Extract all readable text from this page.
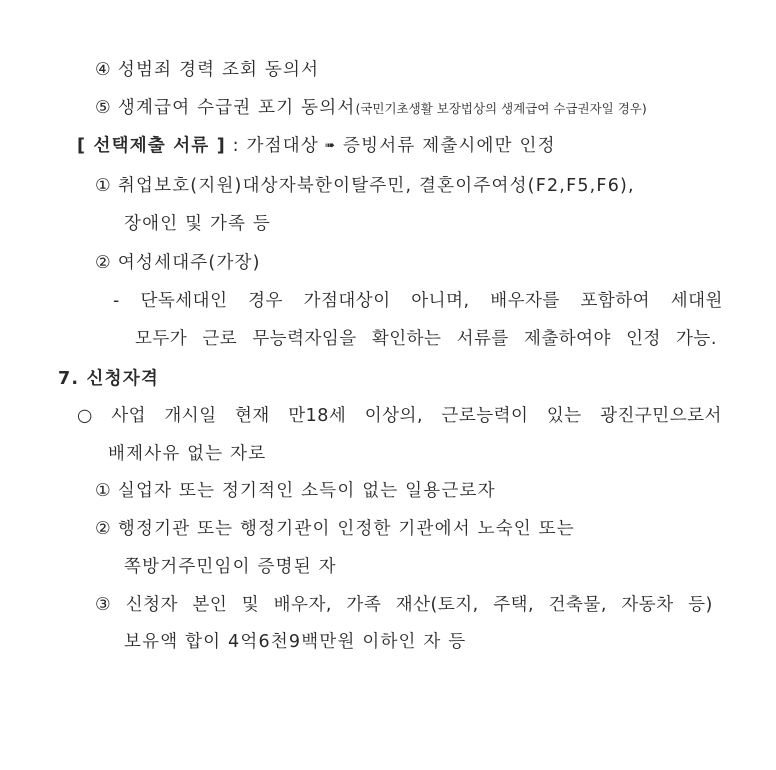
④ 성범죄 경력 조회 동의서
⑤ 생계급여 수급권 포기 동의서(국민기초생활 보장법상의 생계급여 수급권자일 경우)
[ 선택제출 서류 ] : 가점대상 ➠ 증빙서류 제출시에만 인정
① 취업보호(지원)대상자북한이탈주민, 결혼이주여성(F2,F5,F6),
장애인 및 가족 등
② 여성세대주(가장)
- 단독세대인 경우 가점대상이 아니며, 배우자를 포함하여 세대원
모두가 근로 무능력자임을 확인하는 서류를 제출하여야 인정 가능.
7. 신청자격
○ 사업 개시일 현재 만18세 이상의, 근로능력이 있는 광진구민으로서
배제사유 없는 자로
① 실업자 또는 정기적인 소득이 없는 일용근로자
② 행정기관 또는 행정기관이 인정한 기관에서 노숙인 또는
쪽방거주민임이 증명된 자
③ 신청자 본인 및 배우자, 가족 재산(토지, 주택, 건축물, 자동차 등)
보유액 합이 4억6천9백만원 이하인 자 등
